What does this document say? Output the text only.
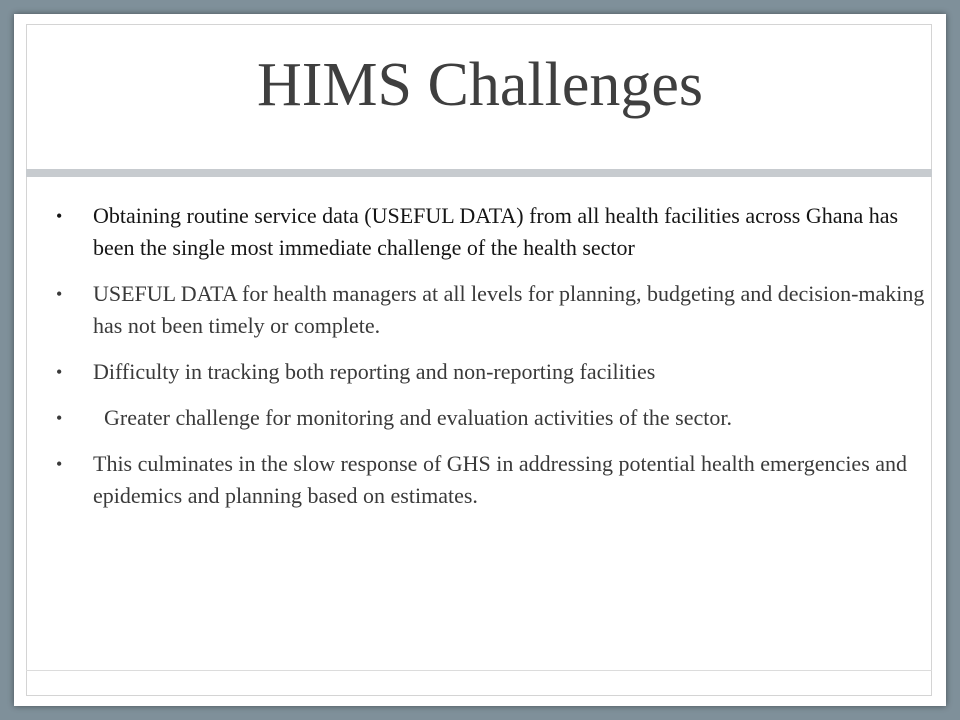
HIMS Challenges
• Obtaining routine service data (USEFUL DATA) from all health facilities across Ghana has been the single most immediate challenge of the health sector
• USEFUL DATA for health managers at all levels for planning, budgeting and decision-making has not been timely or complete.
• Difficulty in tracking both reporting and non-reporting facilities
• Greater challenge for monitoring and evaluation activities of the sector.
• This culminates in the slow response of GHS in addressing potential health emergencies and epidemics and planning based on estimates.
